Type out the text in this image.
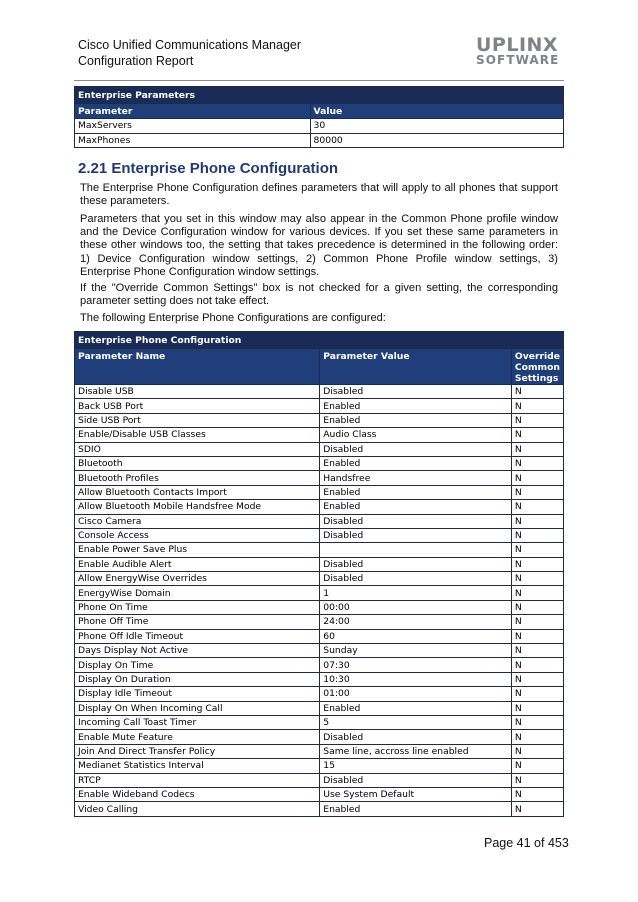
Cisco Unified Communications Manager
Configuration Report
UPLINX
SOFTWARE
Enterprise Parameters	
Parameter	Value
MaxServers	30
MaxPhones	80000
2.21 Enterprise Phone Configuration

The Enterprise Phone Configuration defines parameters that will apply to all phones that support these parameters.

Parameters that you set in this window may also appear in the Common Phone profile window and the Device Configuration window for various devices. If you set these same parameters in these other windows too, the setting that takes precedence is determined in the following order: 1) Device Configuration window settings, 2) Common Phone Profile window settings, 3) Enterprise Phone Configuration window settings.

If the "Override Common Settings" box is not checked for a given setting, the corresponding parameter setting does not take effect.

The following Enterprise Phone Configurations are configured:

Enterprise Phone Configuration		
Parameter Name	Parameter Value	Override Common Settings
Disable USB	Disabled	N
Back USB Port	Enabled	N
Side USB Port	Enabled	N
Enable/Disable USB Classes	Audio Class	N
SDIO	Disabled	N
Bluetooth	Enabled	N
Bluetooth Profiles	Handsfree	N
Allow Bluetooth Contacts Import	Enabled	N
Allow Bluetooth Mobile Handsfree Mode	Enabled	N
Cisco Camera	Disabled	N
Console Access	Disabled	N
Enable Power Save Plus		N
Enable Audible Alert	Disabled	N
Allow EnergyWise Overrides	Disabled	N
EnergyWise Domain	1	N
Phone On Time	00:00	N
Phone Off Time	24:00	N
Phone Off Idle Timeout	60	N
Days Display Not Active	Sunday	N
Display On Time	07:30	N
Display On Duration	10:30	N
Display Idle Timeout	01:00	N
Display On When Incoming Call	Enabled	N
Incoming Call Toast Timer	5	N
Enable Mute Feature	Disabled	N
Join And Direct Transfer Policy	Same line, accross line enabled	N
Medianet Statistics Interval	15	N
RTCP	Disabled	N
Enable Wideband Codecs	Use System Default	N
Video Calling	Enabled	N
Page 41 of 453
